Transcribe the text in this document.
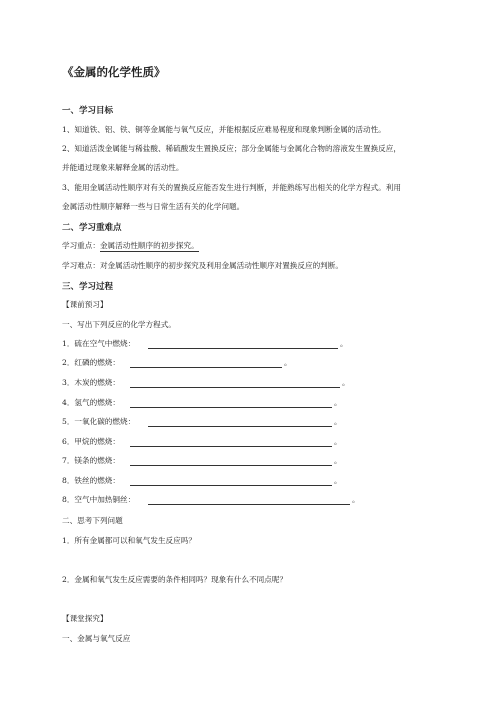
《金属的化学性质》
一、学习目标
1、知道铁、铝、铁、铜等金属能与氧气反应，并能根据反应难易程度和现象判断金属的活动性。
2、知道活泼金属能与稀盐酸、稀硫酸发生置换反应；部分金属能与金属化合物的溶液发生置换反应，
并能通过现象来解释金属的活动性。
3、能用金属活动性顺序对有关的置换反应能否发生进行判断，并能熟练写出相关的化学方程式。利用
金属活动性顺序解释一些与日常生活有关的化学问题。
二、学习重难点
学习重点：金属活动性顺序的初步探究。
学习难点：对金属活动性顺序的初步探究及利用金属活动性顺序对置换反应的判断。
三、学习过程
【课前预习】
一、写出下列反应的化学方程式。
1．硫在空气中燃烧：	。
2．红磷的燃烧：	。
3．木炭的燃烧：	。
4．氢气的燃烧：	。
5．一氧化碳的燃烧：	。
6．甲烷的燃烧：	。
7．镁条的燃烧：	。
8．铁丝的燃烧：	。
8．空气中加热铜丝：	。
二、思考下列问题
1．所有金属都可以和氧气发生反应吗？
2．金属和氧气发生反应需要的条件相同吗？现象有什么不同点呢？
【课堂探究】
一、金属与氧气反应
